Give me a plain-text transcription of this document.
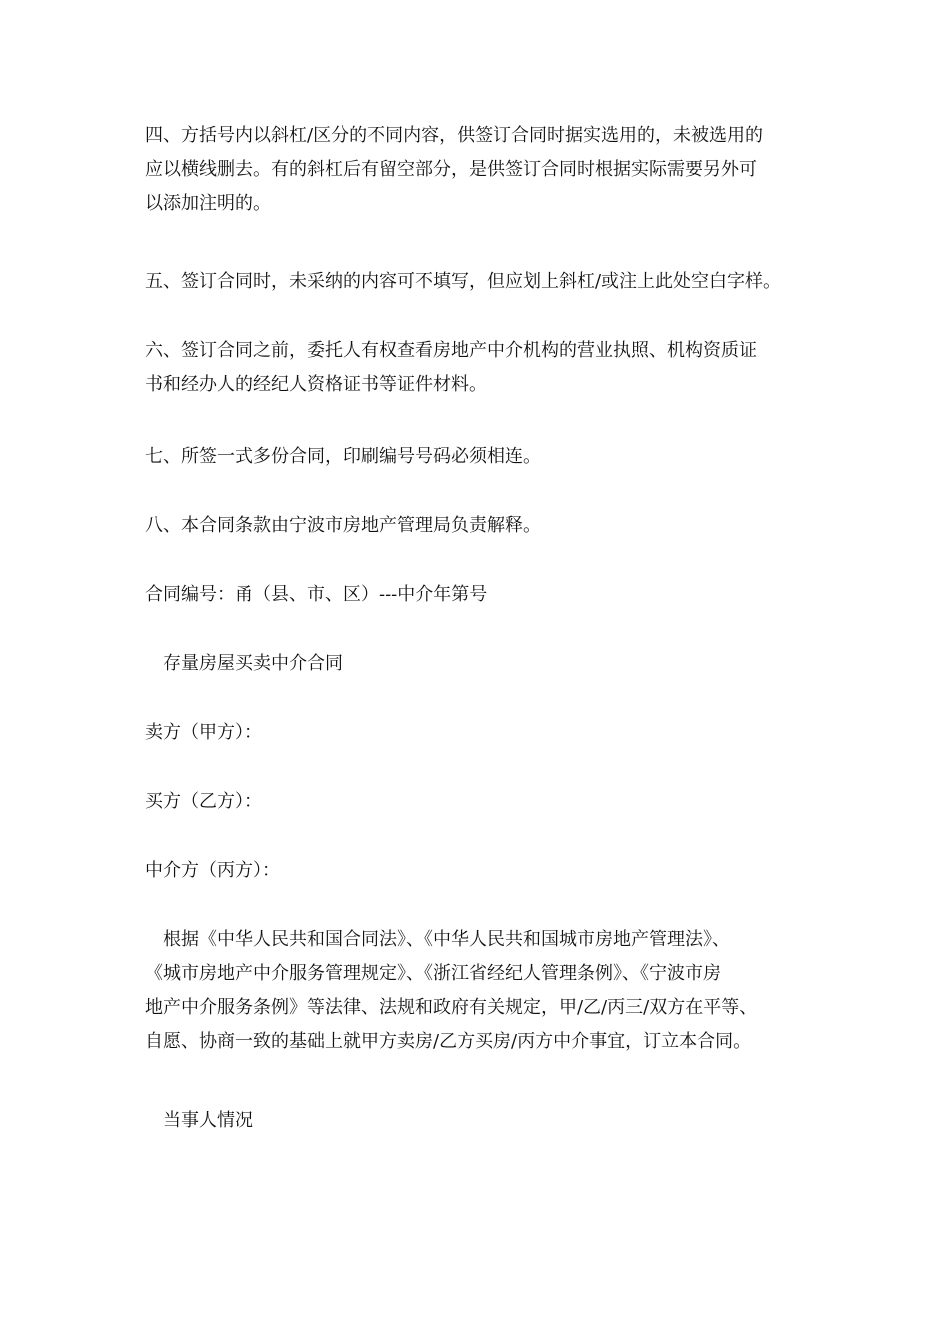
四、方括号内以斜杠/区分的不同内容，供签订合同时据实选用的，未被选用的
应以横线删去。有的斜杠后有留空部分，是供签订合同时根据实际需要另外可
以添加注明的。

五、签订合同时，未采纳的内容可不填写，但应划上斜杠/或注上此处空白字样。

六、签订合同之前，委托人有权查看房地产中介机构的营业执照、机构资质证
书和经办人的经纪人资格证书等证件材料。

七、所签一式多份合同，印刷编号号码必须相连。

八、本合同条款由宁波市房地产管理局负责解释。

合同编号：甬（县、市、区）---中介年第号

存量房屋买卖中介合同

卖方（甲方）：

买方（乙方）：

中介方（丙方）：

根据《中华人民共和国合同法》、《中华人民共和国城市房地产管理法》、
《城市房地产中介服务管理规定》、《浙江省经纪人管理条例》、《宁波市房
地产中介服务条例》等法律、法规和政府有关规定，甲/乙/丙三/双方在平等、
自愿、协商一致的基础上就甲方卖房/乙方买房/丙方中介事宜，订立本合同。

当事人情况
